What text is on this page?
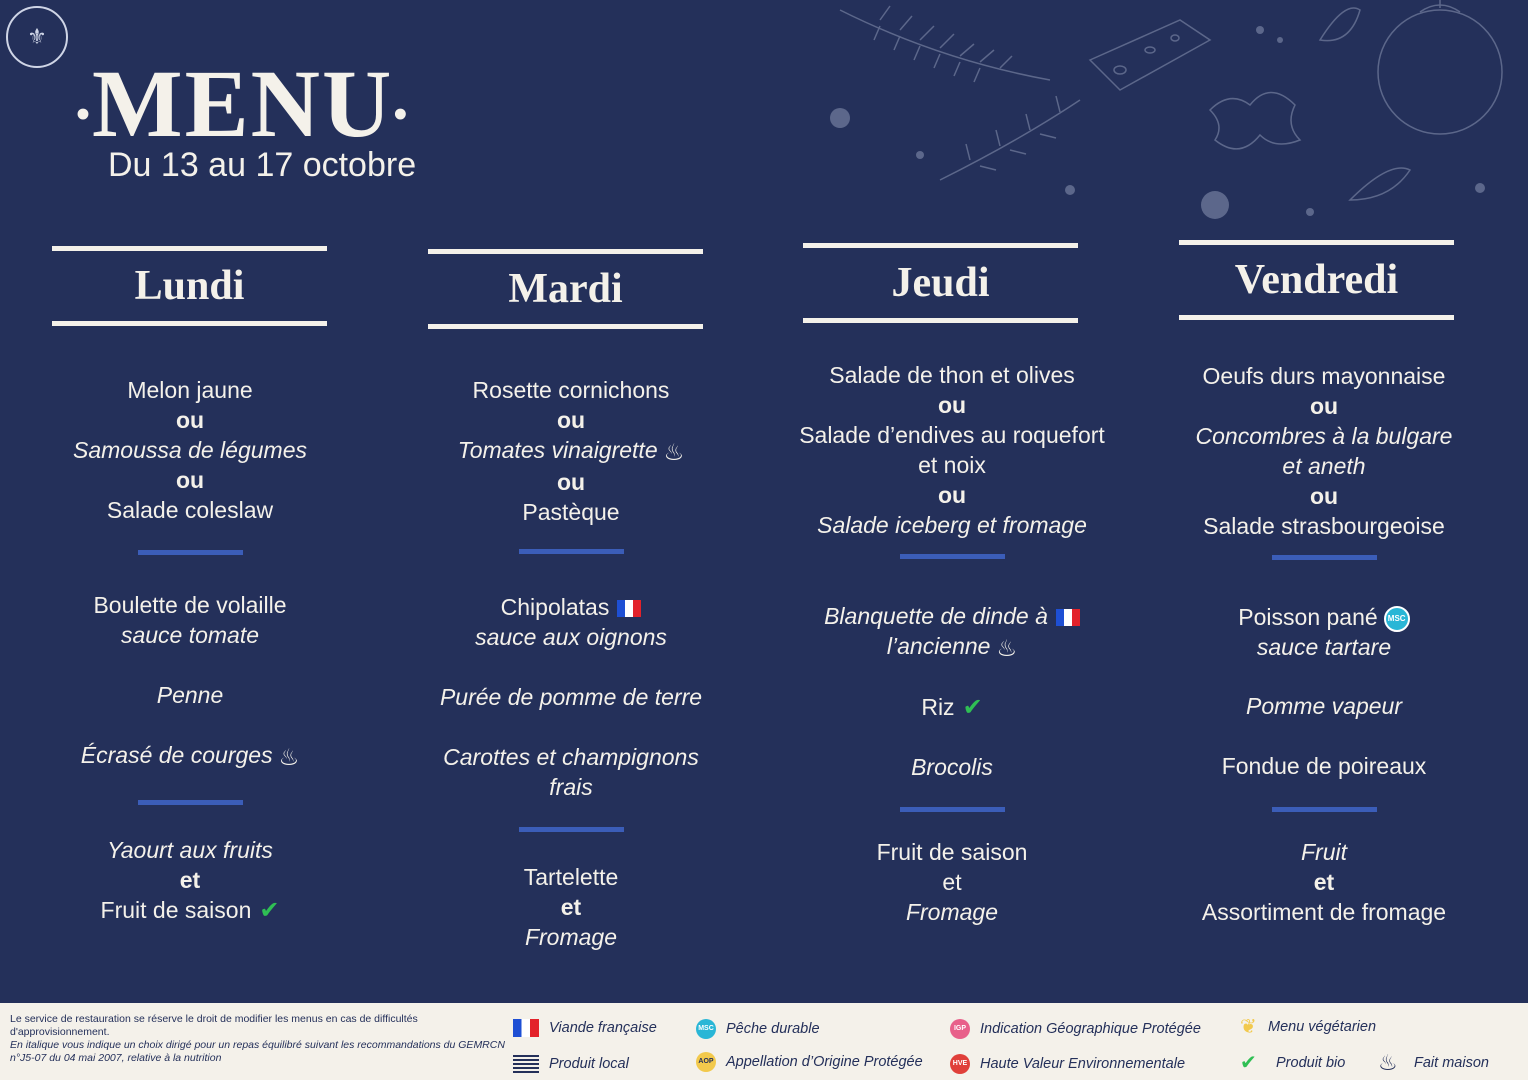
⚜
•MENU•
Du 13 au 17 octobre
Lundi	Mardi	Jeudi	Vendredi
Melon jaune
ou
Samoussa de légumes
ou
Salade coleslaw
Boulette de volaille
sauce tomate
Penne
Écrasé de courges ♨
Yaourt aux fruits
et
Fruit de saison ✔
Rosette cornichons
ou
Tomates vinaigrette ♨
ou
Pastèque
Chipolatas
sauce aux oignons
Purée de pomme de terre
Carottes et champignons
frais
Tartelette
et
Fromage
Salade de thon et olives
ou
Salade d’endives au roquefort
et noix
ou
Salade iceberg et fromage
Blanquette de dinde à
l’ancienne ♨
Riz ✔
Brocolis
Fruit de saison
et
Fromage
Oeufs durs mayonnaise
ou
Concombres à la bulgare
et aneth
ou
Salade strasbourgeoise
Poisson pané MSC
sauce tartare
Pomme vapeur
Fondue de poireaux
Fruit
et
Assortiment de fromage
Le service de restauration se réserve le droit de modifier les menus en cas de difficultés d'approvisionnement.
En italique vous indique un choix dirigé pour un repas équilibré suivant les recommandations du GEMRCN n°J5-07 du 04 mai 2007, relative à la nutrition
Viande française
Produit local
MSC Pêche durable
AOP Appellation d’Origine Protégée
IGP Indication Géographique Protégée
HVE Haute Valeur Environnementale
❦ Menu végétarien
✔	Produit bio ♨	Fait maison
